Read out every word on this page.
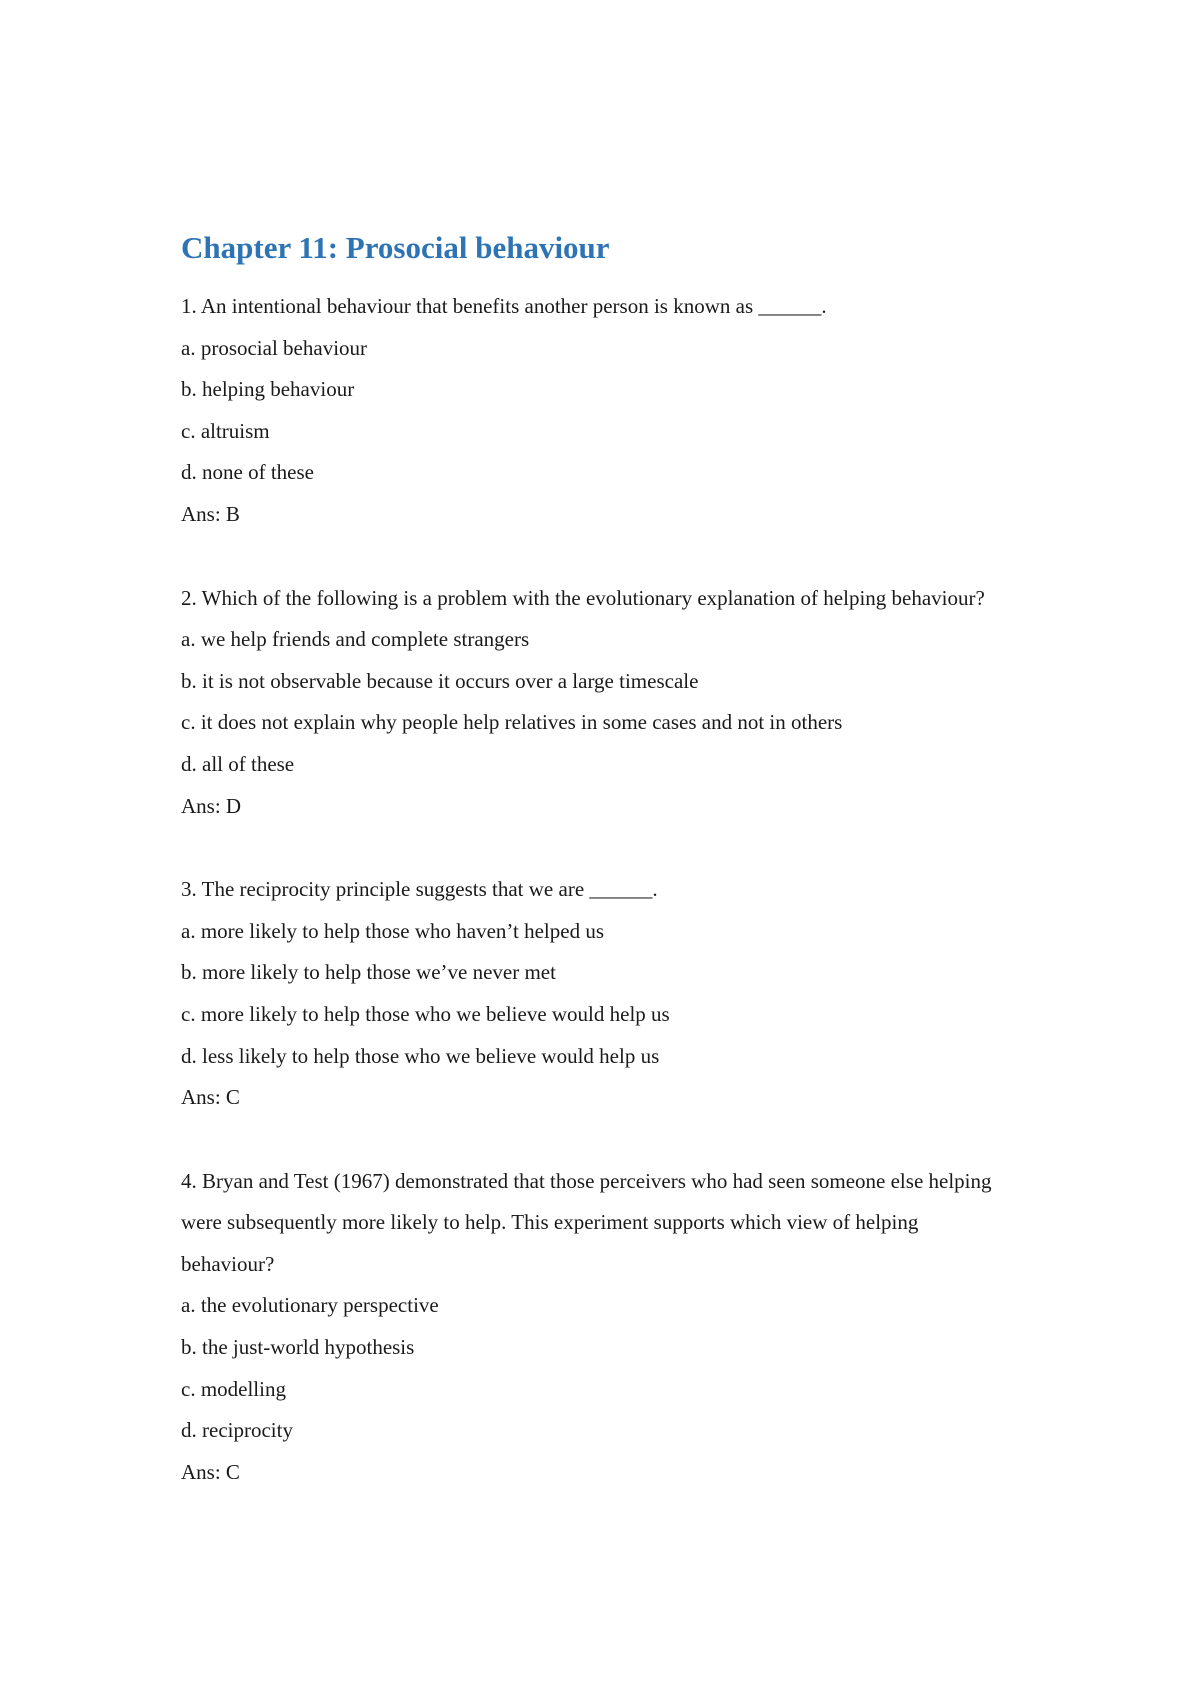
Chapter 11: Prosocial behaviour
1. An intentional behaviour that benefits another person is known as ______.
a. prosocial behaviour
b. helping behaviour
c. altruism
d. none of these
Ans: B
2. Which of the following is a problem with the evolutionary explanation of helping behaviour?
a. we help friends and complete strangers
b. it is not observable because it occurs over a large timescale
c. it does not explain why people help relatives in some cases and not in others
d. all of these
Ans: D
3. The reciprocity principle suggests that we are ______.
a. more likely to help those who haven’t helped us
b. more likely to help those we’ve never met
c. more likely to help those who we believe would help us
d. less likely to help those who we believe would help us
Ans: C
4. Bryan and Test (1967) demonstrated that those perceivers who had seen someone else helping were subsequently more likely to help. This experiment supports which view of helping behaviour?
a. the evolutionary perspective
b. the just-world hypothesis
c. modelling
d. reciprocity
Ans: C
